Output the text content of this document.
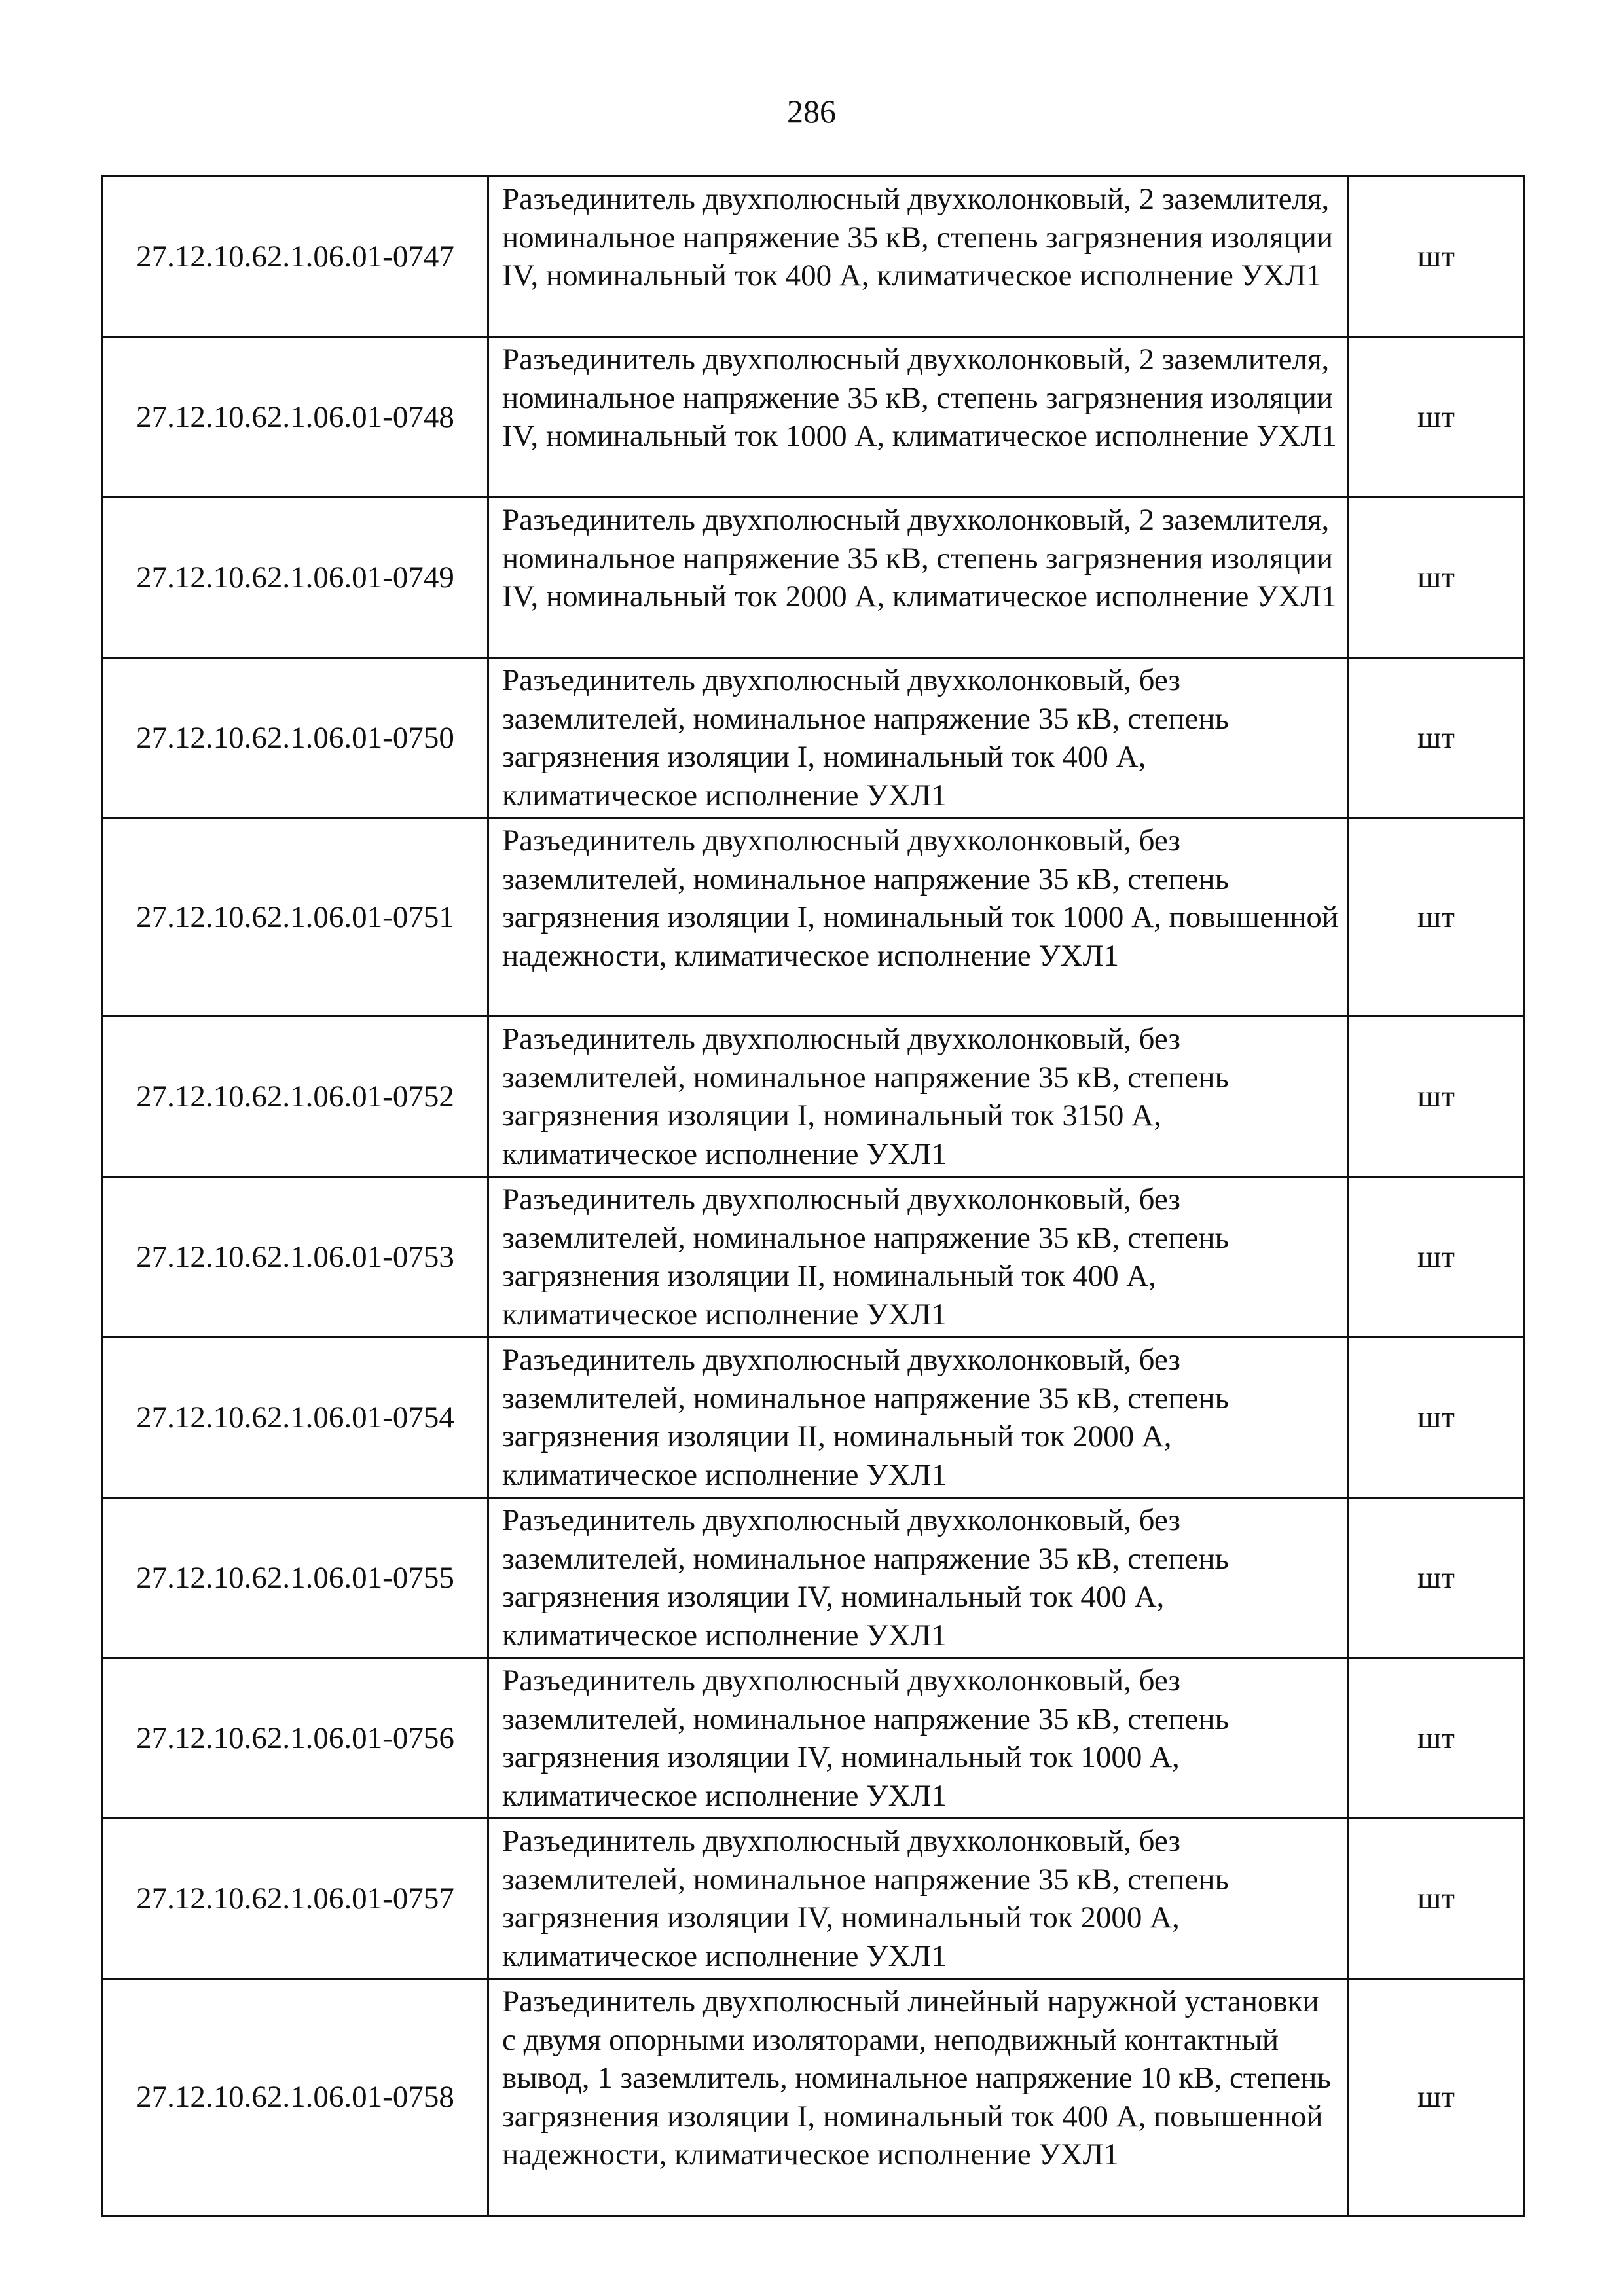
286
27.12.10.62.1.06.01-0747	Разъединитель двухполюсный двухколонковый, 2 заземлителя, номинальное напряжение 35 кВ, степень загрязнения изоляции IV, номинальный ток 400 А, климатическое исполнение УХЛ1	шт
27.12.10.62.1.06.01-0748	Разъединитель двухполюсный двухколонковый, 2 заземлителя, номинальное напряжение 35 кВ, степень загрязнения изоляции IV, номинальный ток 1000 А, климатическое исполнение УХЛ1	шт
27.12.10.62.1.06.01-0749	Разъединитель двухполюсный двухколонковый, 2 заземлителя, номинальное напряжение 35 кВ, степень загрязнения изоляции IV, номинальный ток 2000 А, климатическое исполнение УХЛ1	шт
27.12.10.62.1.06.01-0750	Разъединитель двухполюсный двухколонковый, без заземлителей, номинальное напряжение 35 кВ, степень загрязнения изоляции I, номинальный ток 400 А, климатическое исполнение УХЛ1	шт
27.12.10.62.1.06.01-0751	Разъединитель двухполюсный двухколонковый, без заземлителей, номинальное напряжение 35 кВ, степень загрязнения изоляции I, номинальный ток 1000 А, повышенной надежности, климатическое исполнение УХЛ1	шт
27.12.10.62.1.06.01-0752	Разъединитель двухполюсный двухколонковый, без заземлителей, номинальное напряжение 35 кВ, степень загрязнения изоляции I, номинальный ток 3150 А, климатическое исполнение УХЛ1	шт
27.12.10.62.1.06.01-0753	Разъединитель двухполюсный двухколонковый, без заземлителей, номинальное напряжение 35 кВ, степень загрязнения изоляции II, номинальный ток 400 А, климатическое исполнение УХЛ1	шт
27.12.10.62.1.06.01-0754	Разъединитель двухполюсный двухколонковый, без заземлителей, номинальное напряжение 35 кВ, степень загрязнения изоляции II, номинальный ток 2000 А, климатическое исполнение УХЛ1	шт
27.12.10.62.1.06.01-0755	Разъединитель двухполюсный двухколонковый, без заземлителей, номинальное напряжение 35 кВ, степень загрязнения изоляции IV, номинальный ток 400 А, климатическое исполнение УХЛ1	шт
27.12.10.62.1.06.01-0756	Разъединитель двухполюсный двухколонковый, без заземлителей, номинальное напряжение 35 кВ, степень загрязнения изоляции IV, номинальный ток 1000 А, климатическое исполнение УХЛ1	шт
27.12.10.62.1.06.01-0757	Разъединитель двухполюсный двухколонковый, без заземлителей, номинальное напряжение 35 кВ, степень загрязнения изоляции IV, номинальный ток 2000 А, климатическое исполнение УХЛ1	шт
27.12.10.62.1.06.01-0758	Разъединитель двухполюсный линейный наружной установки с двумя опорными изоляторами, неподвижный контактный вывод, 1 заземлитель, номинальное напряжение 10 кВ, степень загрязнения изоляции I, номинальный ток 400 А, повышенной надежности, климатическое исполнение УХЛ1	шт
